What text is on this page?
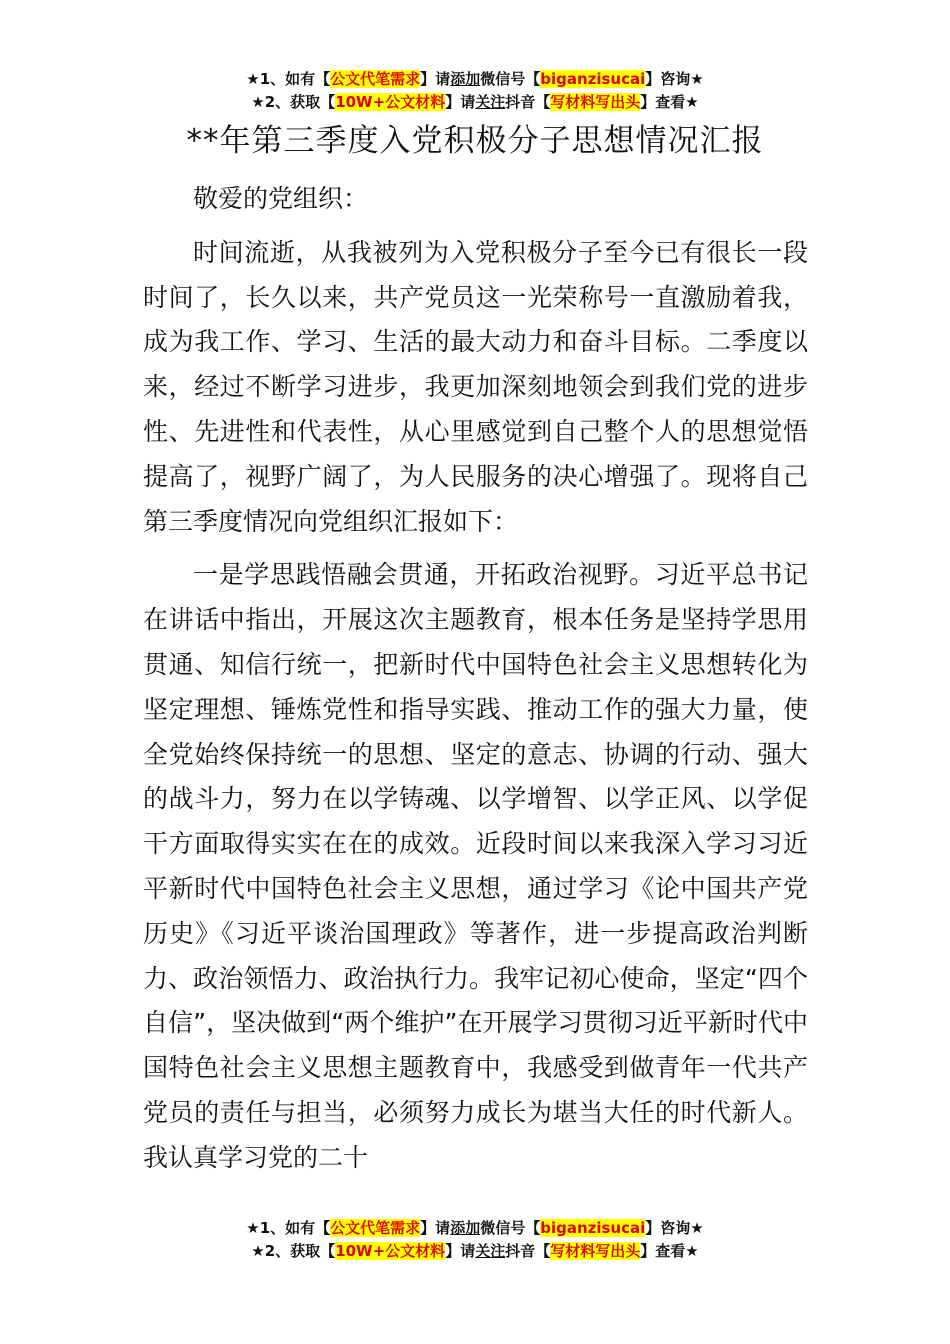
★1、如有【公文代笔需求】请添加微信号【biganzisucai】咨询★
★2、获取【10W+公文材料】请关注抖音【写材料写出头】查看★
**年第三季度入党积极分子思想情况汇报

敬爱的党组织：

时间流逝，从我被列为入党积极分子至今已有很长一段时间了，长久以来，共产党员这一光荣称号一直激励着我，成为我工作、学习、生活的最大动力和奋斗目标。二季度以来，经过不断学习进步，我更加深刻地领会到我们党的进步性、先进性和代表性，从心里感觉到自己整个人的思想觉悟提高了，视野广阔了，为人民服务的决心增强了。现将自己第三季度情况向党组织汇报如下：

一是学思践悟融会贯通，开拓政治视野。习近平总书记在讲话中指出，开展这次主题教育，根本任务是坚持学思用贯通、知信行统一，把新时代中国特色社会主义思想转化为坚定理想、锤炼党性和指导实践、推动工作的强大力量，使全党始终保持统一的思想、坚定的意志、协调的行动、强大的战斗力，努力在以学铸魂、以学增智、以学正风、以学促干方面取得实实在在的成效。近段时间以来我深入学习习近平新时代中国特色社会主义思想，通过学习《论中国共产党历史》《习近平谈治国理政》等著作，进一步提高政治判断力、政治领悟力、政治执行力。我牢记初心使命，坚定“四个自信”，坚决做到“两个维护”在开展学习贯彻习近平新时代中国特色社会主义思想主题教育中，我感受到做青年一代共产党员的责任与担当，必须努力成长为堪当大任的时代新人。我认真学习党的二十

★1、如有【公文代笔需求】请添加微信号【biganzisucai】咨询★
★2、获取【10W+公文材料】请关注抖音【写材料写出头】查看★
